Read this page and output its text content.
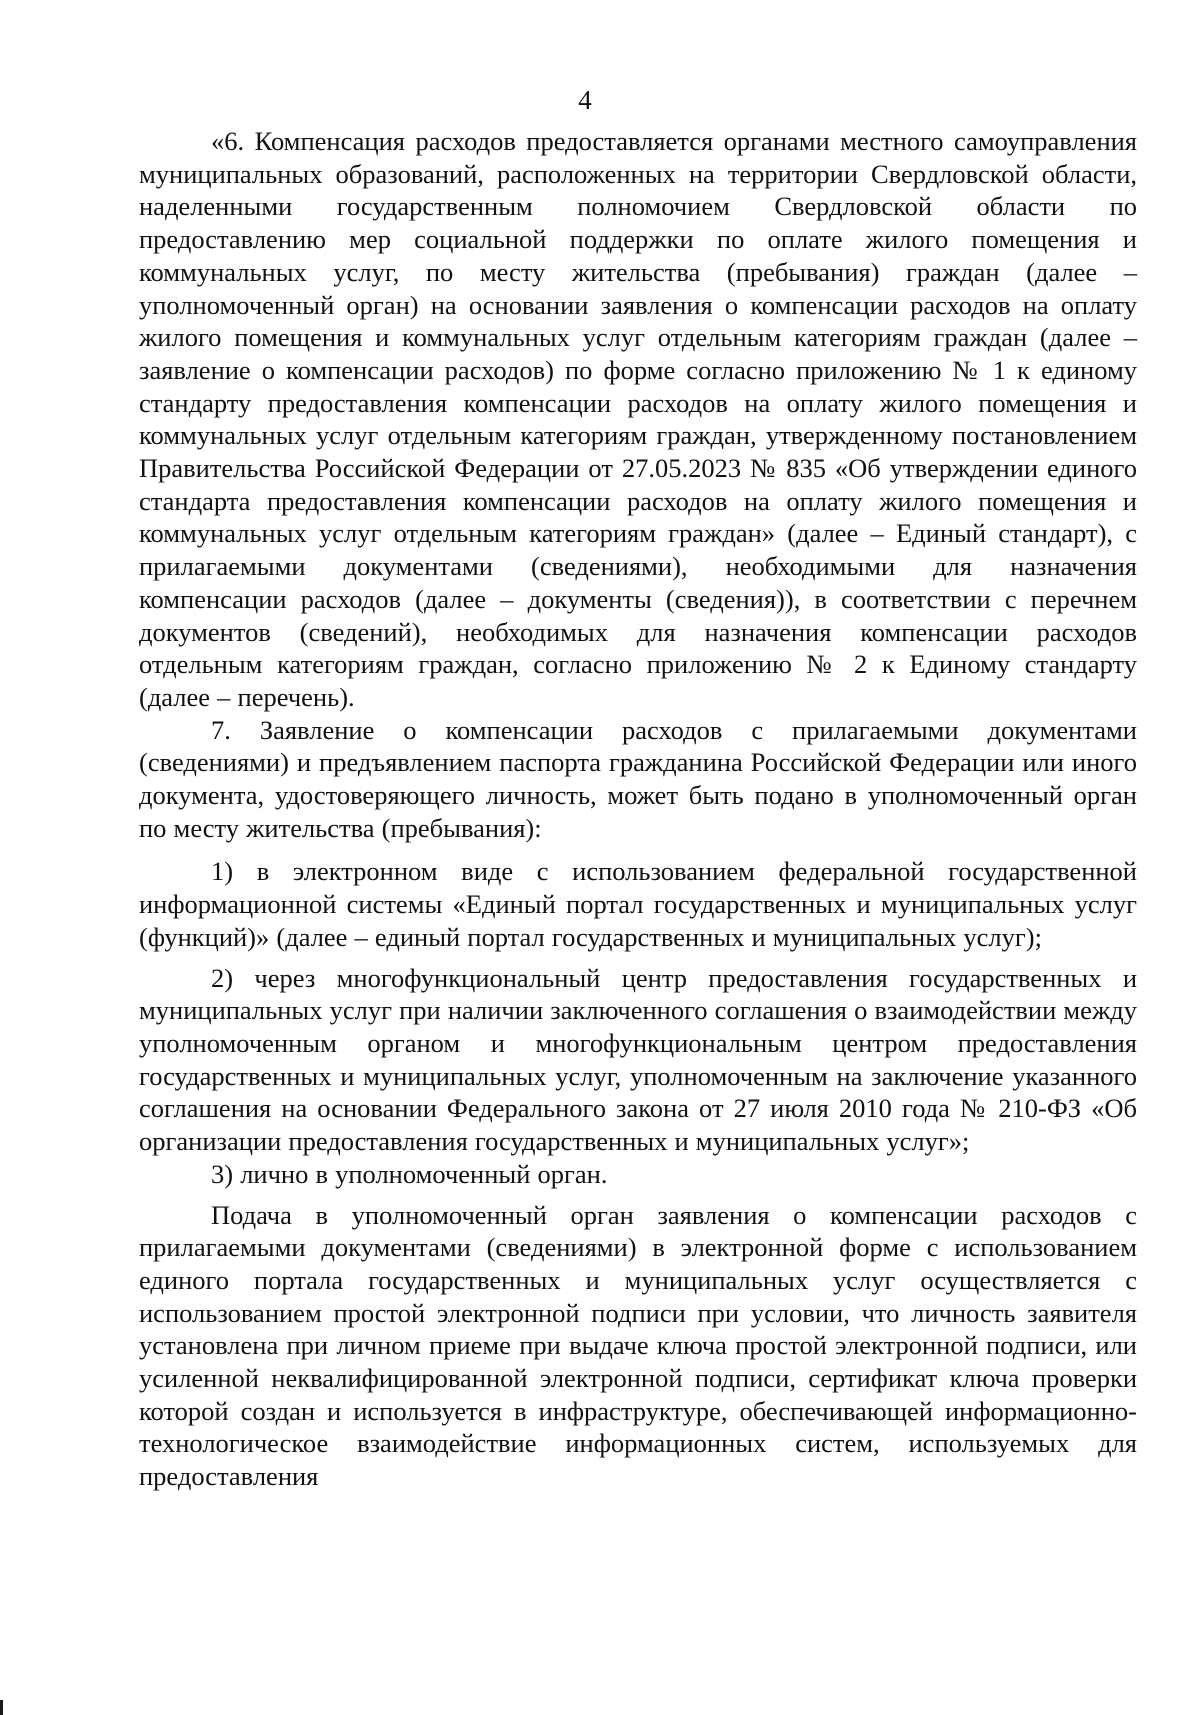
4

«6. Компенсация расходов предоставляется органами местного самоуправления муниципальных образований, расположенных на территории Свердловской области, наделенными государственным полномочием Свердловской области по предоставлению мер социальной поддержки по оплате жилого помещения и коммунальных услуг, по месту жительства (пребывания) граждан (далее – уполномоченный орган) на основании заявления о компенсации расходов на оплату жилого помещения и коммунальных услуг отдельным категориям граждан (далее – заявление о компенсации расходов) по форме согласно приложению № 1 к единому стандарту предоставления компенсации расходов на оплату жилого помещения и коммунальных услуг отдельным категориям граждан, утвержденному постановлением Правительства Российской Федерации от 27.05.2023 № 835 «Об утверждении единого стандарта предоставления компенсации расходов на оплату жилого помещения и коммунальных услуг отдельным категориям граждан» (далее – Единый стандарт), с прилагаемыми документами (сведениями), необходимыми для назначения компенсации расходов (далее – документы (сведения)), в соответствии с перечнем документов (сведений), необходимых для назначения компенсации расходов отдельным категориям граждан, согласно приложению № 2 к Единому стандарту (далее – перечень).

7. Заявление о компенсации расходов с прилагаемыми документами (сведениями) и предъявлением паспорта гражданина Российской Федерации или иного документа, удостоверяющего личность, может быть подано в уполномоченный орган по месту жительства (пребывания):

1) в электронном виде с использованием федеральной государственной информационной системы «Единый портал государственных и муниципальных услуг (функций)» (далее – единый портал государственных и муниципальных услуг);

2) через многофункциональный центр предоставления государственных и муниципальных услуг при наличии заключенного соглашения о взаимодействии между уполномоченным органом и многофункциональным центром предоставления государственных и муниципальных услуг, уполномоченным на заключение указанного соглашения на основании Федерального закона от 27 июля 2010 года № 210-ФЗ «Об организации предоставления государственных и муниципальных услуг»;

3) лично в уполномоченный орган.

Подача в уполномоченный орган заявления о компенсации расходов с прилагаемыми документами (сведениями) в электронной форме с использованием единого портала государственных и муниципальных услуг осуществляется с использованием простой электронной подписи при условии, что личность заявителя установлена при личном приеме при выдаче ключа простой электронной подписи, или усиленной неквалифицированной электронной подписи, сертификат ключа проверки которой создан и используется в инфраструктуре, обеспечивающей информационно-технологическое взаимодействие информационных систем, используемых для предоставления
